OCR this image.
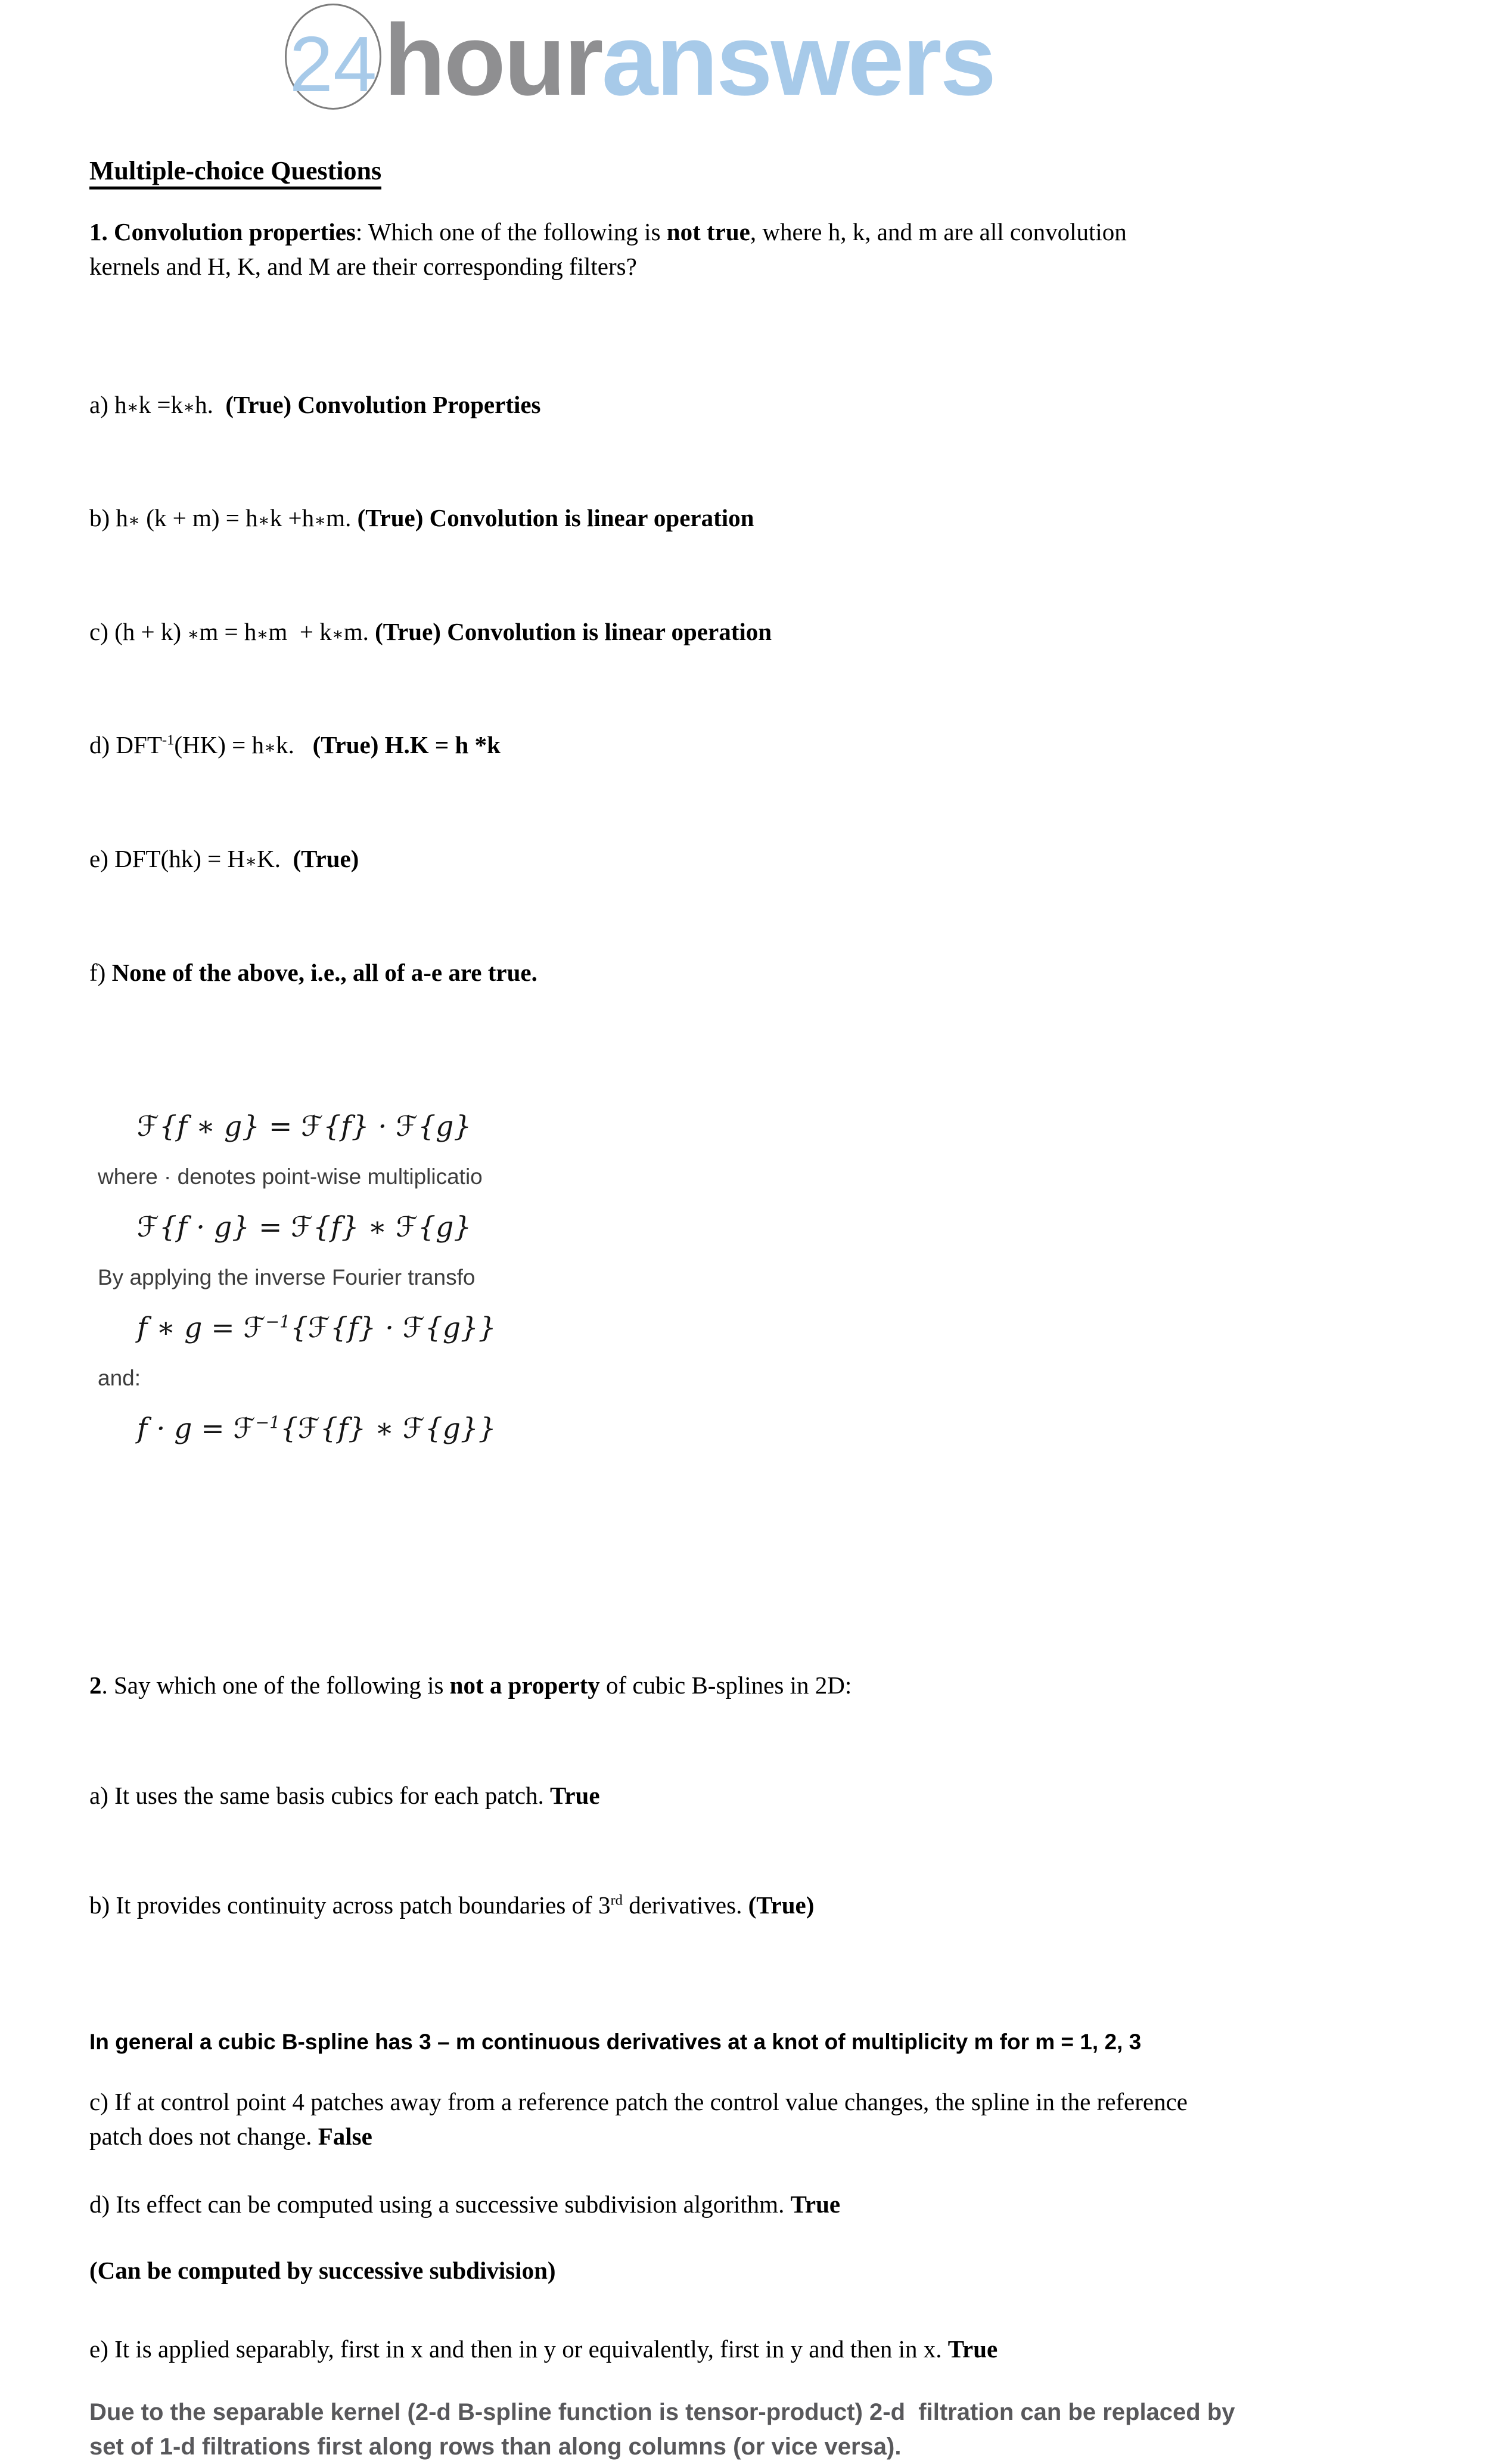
24 houranswers
Multiple-choice Questions

1. Convolution properties: Which one of the following is not true, where h, k, and m are all convolution
kernels and H, K, and M are their corresponding filters?

a) h∗k =k∗h.  (True) Convolution Properties

b) h∗ (k + m) = h∗k +h∗m. (True) Convolution is linear operation

c) (h + k) ∗m = h∗m  + k∗m. (True) Convolution is linear operation

d) $DFT^{-1}(HK)$ = h∗k.   (True) H.K = h *k

e) DFT(hk) = H∗K.  (True)

f) None of the above, i.e., all of a-e are true.

ℱ{f ∗ g} = ℱ{f} · ℱ{g}
where · denotes point-wise multiplicatio
ℱ{f · g} = ℱ{f} ∗ ℱ{g}
By applying the inverse Fourier transfo
f ∗ g = ℱ$^{-1}${ℱ{f} · ℱ{g}}
and:
f · g = ℱ$^{-1}${ℱ{f} ∗ ℱ{g}}

2. Say which one of the following is not a property of cubic B-splines in 2D:

a) It uses the same basis cubics for each patch. True

b) It provides continuity across patch boundaries of 3rd derivatives. (True)

In general a cubic B-spline has 3 – m continuous derivatives at a knot of multiplicity m for m = 1, 2, 3

c) If at control point 4 patches away from a reference patch the control value changes, the spline in the reference
patch does not change. False

d) Its effect can be computed using a successive subdivision algorithm. True

(Can be computed by successive subdivision)

e) It is applied separably, first in x and then in y or equivalently, first in y and then in x. True

Due to the separable kernel (2-d B-spline function is tensor-product) 2-d  filtration can be replaced by
set of 1-d filtrations first along rows than along columns (or vice versa).
